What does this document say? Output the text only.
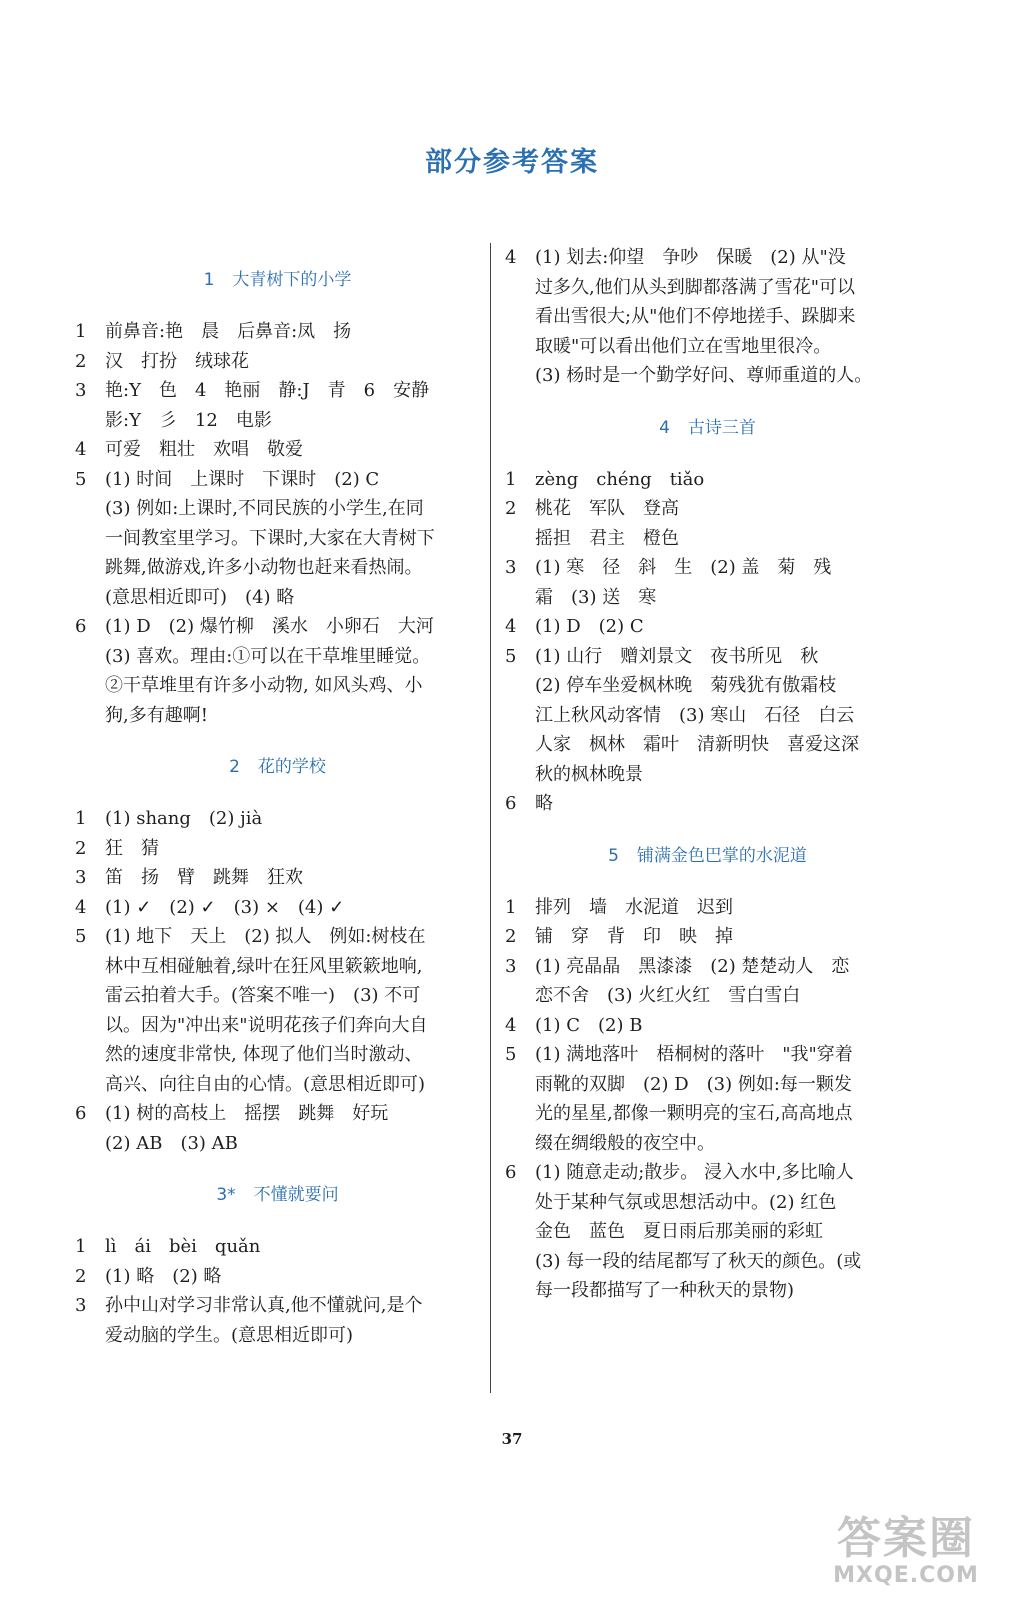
部分参考答案
1 大青树下的小学
1	前鼻音:艳　晨　后鼻音:凤　扬
2	汉　打扮　绒球花
3	艳:Y　色　4　艳丽　静:J　青　6　安静
影:Y　彡　12　电影
4	可爱　粗壮　欢唱　敬爱
5	(1) 时间　上课时　下课时　(2) C
(3) 例如:上课时,不同民族的小学生,在同
一间教室里学习。下课时,大家在大青树下
跳舞,做游戏,许多小动物也赶来看热闹。
(意思相近即可)　(4) 略
6	(1) D　(2) 爆竹柳　溪水　小卵石　大河
(3) 喜欢。理由:①可以在干草堆里睡觉。
②干草堆里有许多小动物, 如风头鸡、小
狗,多有趣啊!
2 花的学校
1	(1) shang　(2) jià
2	狂　猜
3	笛　扬　臂　跳舞　狂欢
4	(1) ✓　(2) ✓　(3) ×　(4) ✓
5	(1) 地下　天上　(2) 拟人　例如:树枝在
林中互相碰触着,绿叶在狂风里簌簌地响,
雷云拍着大手。(答案不唯一)　(3) 不可
以。因为"冲出来"说明花孩子们奔向大自
然的速度非常快, 体现了他们当时激动、
高兴、向往自由的心情。(意思相近即可)
6	(1) 树的高枝上　摇摆　跳舞　好玩
(2) AB　(3) AB
3* 不懂就要问
1	lì　ái　bèi　quǎn
2	(1) 略　(2) 略
3	孙中山对学习非常认真,他不懂就问,是个
爱动脑的学生。(意思相近即可)
4	(1) 划去:仰望　争吵　保暖　(2) 从"没
过多久,他们从头到脚都落满了雪花"可以
看出雪很大;从"他们不停地搓手、跺脚来
取暖"可以看出他们立在雪地里很冷。
(3) 杨时是一个勤学好问、尊师重道的人。
4 古诗三首
1	zèng　chéng　tiǎo
2	桃花　军队　登高
摇担　君主　橙色
3	(1) 寒　径　斜　生　(2) 盖　菊　残
霜　(3) 送　寒
4	(1) D　(2) C
5	(1) 山行　赠刘景文　夜书所见　秋
(2) 停车坐爱枫林晚　菊残犹有傲霜枝
江上秋风动客情　(3) 寒山　石径　白云
人家　枫林　霜叶　清新明快　喜爱这深
秋的枫林晚景
6	略
5 铺满金色巴掌的水泥道
1	排列　墙　水泥道　迟到
2	铺　穿　背　印　映　掉
3	(1) 亮晶晶　黑漆漆　(2) 楚楚动人　恋
恋不舍　(3) 火红火红　雪白雪白
4	(1) C　(2) B
5	(1) 满地落叶　梧桐树的落叶　"我"穿着
雨靴的双脚　(2) D　(3) 例如:每一颗发
光的星星,都像一颗明亮的宝石,高高地点
缀在绸缎般的夜空中。
6	(1) 随意走动;散步。 浸入水中,多比喻人
处于某种气氛或思想活动中。(2) 红色
金色　蓝色　夏日雨后那美丽的彩虹
(3) 每一段的结尾都写了秋天的颜色。(或
每一段都描写了一种秋天的景物)
37
答案圈
MXQE.COM
